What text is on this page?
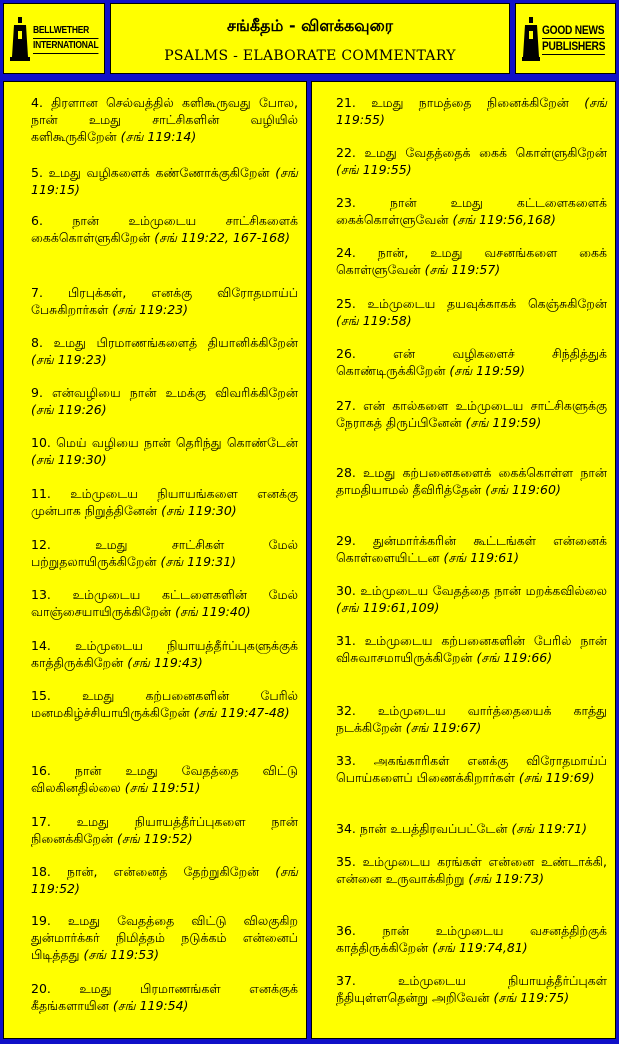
BELLWETHER
INTERNATIONAL
சங்கீதம் - விளக்கவுரை
PSALMS - ELABORATE COMMENTARY
GOOD NEWS
PUBLISHERS
4. திரளான செல்வத்தில் களிகூருவது போல, நான் உமது சாட்சிகளின் வழியில் களிகூருகிறேன் (சங் 119:14)
5. உமது வழிகளைக் கண்ணோக்குகிறேன் (சங் 119:15)
6. நான் உம்முடைய சாட்சிகளைக் கைக்கொள்ளுகிறேன் (சங் 119:22, 167-168)
7. பிரபுக்கள், எனக்கு விரோதமாய்ப் பேசுகிறார்கள் (சங் 119:23)
8. உமது பிரமாணங்களைத் தியானிக்கிறேன் (சங் 119:23)
9. என்வழியை நான் உமக்கு விவரிக்கிறேன் (சங் 119:26)
10. மெய் வழியை நான் தெரிந்து கொண்டேன் (சங் 119:30)
11. உம்முடைய நியாயங்களை எனக்கு முன்பாக நிறுத்தினேன் (சங் 119:30)
12. உமது சாட்சிகள் மேல் பற்றுதலாயிருக்கிறேன் (சங் 119:31)
13. உம்முடைய கட்டளைகளின் மேல் வாஞ்சையாயிருக்கிறேன் (சங் 119:40)
14. உம்முடைய நியாயத்தீர்ப்புகளுக்குக் காத்திருக்கிறேன் (சங் 119:43)
15. உமது கற்பனைகளின் பேரில் மனமகிழ்ச்சியாயிருக்கிறேன் (சங் 119:47-48)
16. நான் உமது வேதத்தை விட்டு விலகினதில்லை (சங் 119:51)
17. உமது நியாயத்தீர்ப்புகளை நான் நினைக்கிறேன் (சங் 119:52)
18. நான், என்னைத் தேற்றுகிறேன் (சங் 119:52)
19. உமது வேதத்தை விட்டு விலகுகிற துன்மார்க்கர் நிமித்தம் நடுக்கம் என்னைப் பிடித்தது (சங் 119:53)
20. உமது பிரமாணங்கள் எனக்குக் கீதங்களாயின (சங் 119:54)
21. உமது நாமத்தை நினைக்கிறேன் (சங் 119:55)
22. உமது வேதத்தைக் கைக் கொள்ளுகிறேன் (சங் 119:55)
23. நான் உமது கட்டளைகளைக் கைக்கொள்ளுவேன் (சங் 119:56,168)
24. நான், உமது வசனங்களை கைக் கொள்ளுவேன் (சங் 119:57)
25. உம்முடைய தயவுக்காகக் கெஞ்சுகிறேன் (சங் 119:58)
26. என் வழிகளைச் சிந்தித்துக் கொண்டிருக்கிறேன் (சங் 119:59)
27. என் கால்களை உம்முடைய சாட்சிகளுக்கு நேராகத் திருப்பினேன் (சங் 119:59)
28. உமது கற்பனைகளைக் கைக்கொள்ள நான் தாமதியாமல் தீவிரித்தேன் (சங் 119:60)
29. துன்மார்க்கரின் கூட்டங்கள் என்னைக் கொள்ளையிட்டன (சங் 119:61)
30. உம்முடைய வேதத்தை நான் மறக்கவில்லை (சங் 119:61,109)
31. உம்முடைய கற்பனைகளின் பேரில் நான் விசுவாசமாயிருக்கிறேன் (சங் 119:66)
32. உம்முடைய வார்த்தையைக் காத்து நடக்கிறேன் (சங் 119:67)
33. அகங்காரிகள் எனக்கு விரோதமாய்ப் பொய்களைப் பிணைக்கிறார்கள் (சங் 119:69)
34. நான் உபத்திரவப்பட்டேன் (சங் 119:71)
35. உம்முடைய கரங்கள் என்னை உண்டாக்கி, என்னை உருவாக்கிற்று (சங் 119:73)
36. நான் உம்முடைய வசனத்திற்குக் காத்திருக்கிறேன் (சங் 119:74,81)
37. உம்முடைய நியாயத்தீர்ப்புகள் நீதியுள்ளதென்று அறிவேன் (சங் 119:75)
